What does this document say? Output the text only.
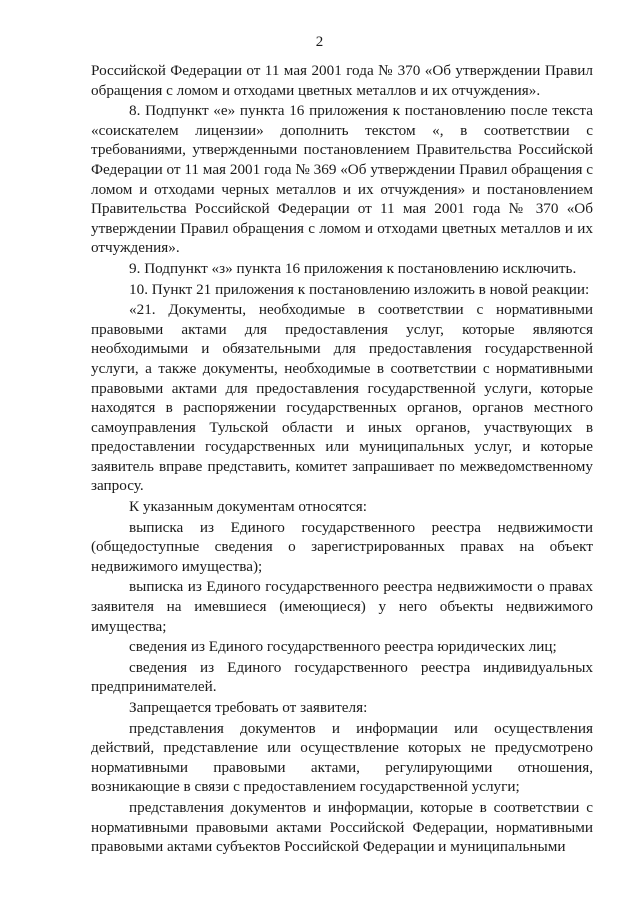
2

Российской Федерации от 11 мая 2001 года № 370 «Об утверждении Правил обращения с ломом и отходами цветных металлов и их отчуждения».

8. Подпункт «е» пункта 16 приложения к постановлению после текста «соискателем лицензии» дополнить текстом «, в соответствии с требованиями, утвержденными постановлением Правительства Российской Федерации от 11 мая 2001 года № 369 «Об утверждении Правил обращения с ломом и отходами черных металлов и их отчуждения» и постановлением Правительства Российской Федерации от 11 мая 2001 года № 370 «Об утверждении Правил обращения с ломом и отходами цветных металлов и их отчуждения».

9. Подпункт «з» пункта 16 приложения к постановлению исключить.

10. Пункт 21 приложения к постановлению изложить в новой реакции:

«21. Документы, необходимые в соответствии с нормативными правовыми актами для предоставления услуг, которые являются необходимыми и обязательными для предоставления государственной услуги, а также документы, необходимые в соответствии с нормативными правовыми актами для предоставления государственной услуги, которые находятся в распоряжении государственных органов, органов местного самоуправления Тульской области и иных органов, участвующих в предоставлении государственных или муниципальных услуг, и которые заявитель вправе представить, комитет запрашивает по межведомственному запросу.

К указанным документам относятся:

выписка из Единого государственного реестра недвижимости (общедоступные сведения о зарегистрированных правах на объект недвижимого имущества);

выписка из Единого государственного реестра недвижимости о правах заявителя на имевшиеся (имеющиеся) у него объекты недвижимого имущества;

сведения из Единого государственного реестра юридических лиц;

сведения из Единого государственного реестра индивидуальных предпринимателей.

Запрещается требовать от заявителя:

представления документов и информации или осуществления действий, представление или осуществление которых не предусмотрено нормативными правовыми актами, регулирующими отношения, возникающие в связи с предоставлением государственной услуги;

представления документов и информации, которые в соответствии с нормативными правовыми актами Российской Федерации, нормативными правовыми актами субъектов Российской Федерации и муниципальными
